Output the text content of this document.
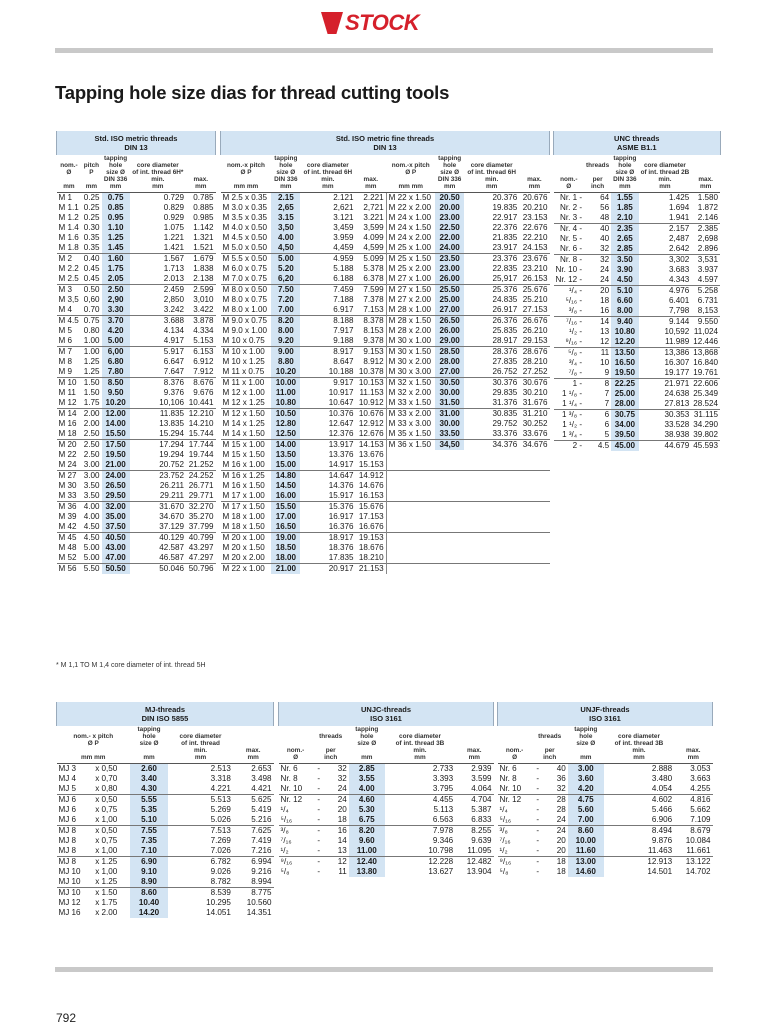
STOCK
Tapping hole size dias for thread cutting tools
Std. ISO metric threads
DIN 13				
nom.-
Ø

mm	pitch
P

mm	tapping
hole
size Ø
DIN 336
mm	core diameter
of int. thread 6H*
min.
mm	max.
mm
M 1	0.25	0.75	0.729	0.785
M 1.1	0.25	0.85	0.829	0.885
M 1.2	0.25	0.95	0.929	0.985
M 1.4	0.30	1.10	1.075	1.142
M 1.6	0.35	1.25	1.221	1.321
M 1.8	0.35	1.45	1.421	1.521
M 2	0.40	1.60	1.567	1.679
M 2.2	0.45	1.75	1.713	1.838
M 2.5	0.45	2.05	2.013	2.138
M 3	0.50	2.50	2.459	2.599
M 3,5	0,60	2,90	2,850	3,010
M 4	0.70	3.30	3.242	3.422
M 4.5	0.75	3.70	3.688	3.878
M 5	0.80	4.20	4.134	4.334
M 6	1.00	5.00	4.917	5.153
M 7	1.00	6,00	5.917	6.153
M 8	1.25	6.80	6.647	6.912
M 9	1.25	7.80	7.647	7.912
M 10	1.50	8.50	8.376	8.676
M 11	1.50	9.50	9.376	9.676
M 12	1.75	10.20	10,106	10.441
M 14	2.00	12.00	11.835	12.210
M 16	2.00	14.00	13.835	14.210
M 18	2.50	15.50	15.294	15.744
M 20	2.50	17.50	17.294	17.744
M 22	2.50	19.50	19.294	19.744
M 24	3.00	21.00	20.752	21.252
M 27	3.00	24.00	23.752	24.252
M 30	3.50	26.50	26.211	26.771
M 33	3.50	29.50	29.211	29.771
M 36	4.00	32.00	31.670	32.270
M 39	4.00	35.00	34.670	35.270
M 42	4.50	37.50	37.129	37.799
M 45	4.50	40.50	40.129	40.799
M 48	5.00	43.00	42.587	43.297
M 52	5.00	47.00	46.587	47.297
M 56	5.50	50.50	50.046	50.796
Std. ISO metric fine threads
DIN 13							
nom.-x pitch
Ø P

mm mm	tapping
hole
size Ø
DIN 336
mm	core diameter
of int. thread 6H
min.
mm	max.
mm	nom.-x pitch
Ø P

mm mm	tapping
hole
size Ø
DIN 336
mm	core diameter
of int. thread 6H
min.
mm	max.
mm
M 2.5 x 0.35	2.15	2.121	2.221	M 22 x 1.50	20.50	20.376	20.676
M 3.0 x 0.35	2,65	2,621	2,721	M 22 x 2.00	20.00	19.835	20.210
M 3.5 x 0.35	3.15	3.121	3.221	M 24 x 1.00	23.00	22.917	23.153
M 4.0 x 0.50	3,50	3,459	3,599	M 24 x 1.50	22.50	22.376	22.676
M 4.5 x 0.50	4.00	3.959	4.099	M 24 x 2.00	22.00	21.835	22.210
M 5.0 x 0.50	4,50	4,459	4,599	M 25 x 1.00	24.00	23.917	24.153
M 5.5 x 0.50	5.00	4.959	5.099	M 25 x 1.50	23.50	23.376	23.676
M 6.0 x 0.75	5.20	5.188	5.378	M 25 x 2.00	23.00	22.835	23.210
M 7.0 x 0.75	6,20	6.188	6.378	M 27 x 1.00	26.00	25,917	26.153
M 8.0 x 0.50	7.50	7.459	7.599	M 27 x 1.50	25.50	25.376	25.676
M 8.0 x 0.75	7.20	7.188	7.378	M 27 x 2.00	25.00	24.835	25.210
M 8.0 x 1.00	7.00	6.917	7.153	M 28 x 1.00	27.00	26.917	27.153
M 9.0 x 0.75	8.20	8.188	8.378	M 28 x 1.50	26.50	26.376	26.676
M 9.0 x 1.00	8.00	7.917	8.153	M 28 x 2.00	26.00	25.835	26.210
M 10 x 0.75	9.20	9.188	9.378	M 30 x 1.00	29.00	28.917	29.153
M 10 x 1.00	9.00	8.917	9.153	M 30 x 1.50	28.50	28.376	28.676
M 10 x 1.25	8.80	8.647	8.912	M 30 x 2.00	28.00	27.835	28.210
M 11 x 0.75	10.20	10.188	10.378	M 30 x 3.00	27.00	26.752	27.252
M 11 x 1.00	10.00	9.917	10.153	M 32 x 1.50	30.50	30.376	30.676
M 12 x 1.00	11.00	10.917	11.153	M 32 x 2.00	30.00	29.835	30.210
M 12 x 1.25	10.80	10.647	10.912	M 33 x 1.50	31.50	31.376	31.676
M 12 x 1.50	10.50	10.376	10.676	M 33 x 2.00	31.00	30.835	31.210
M 14 x 1.25	12.80	12.647	12.912	M 33 x 3.00	30.00	29.752	30.252
M 14 x 1.50	12.50	12.376	12.676	M 35 x 1.50	33.50	33.376	33.676
M 15 x 1.00	14.00	13.917	14.153	M 36 x 1.50	34,50	34.376	34.676
M 15 x 1.50	13.50	13.376	13.676				
M 16 x 1.00	15.00	14.917	15.153				
M 16 x 1.25	14.80	14.647	14.912				
M 16 x 1.50	14.50	14.376	14.676				
M 17 x 1.00	16.00	15.917	16.153				
M 17 x 1.50	15.50	15.376	15.676				
M 18 x 1.00	17.00	16.917	17.153				
M 18 x 1.50	16.50	16.376	16.676				
M 20 x 1.00	19.00	18.917	19.153				
M 20 x 1.50	18.50	18.376	18.676				
M 20 x 2.00	18.00	17.835	18.210				
M 22 x 1.00	21.00	20.917	21.153				
UNC threads
ASME B1.1				
nom.-
Ø	threads

per
inch	tapping
hole
size Ø
DIN 336
mm	core diameter
of int. thread 2B
min.
mm	max.
mm
Nr. 1 -	64	1.55	1.425	1.580
Nr. 2 -	56	1.85	1.694	1.872
Nr. 3 -	48	2.10	1.941	2.146
Nr. 4 -	40	2.35	2.157	2.385
Nr. 5 -	40	2.65	2,487	2,698
Nr. 6 -	32	2.85	2.642	2.896
Nr. 8 -	32	3.50	3,302	3,531
Nr. 10 -	24	3.90	3.683	3.937
Nr. 12 -	24	4.50	4.343	4.597
¹/₄ -	20	5.10	4.976	5.258
⁵/₁₆ -	18	6.60	6.401	6.731
³/₈ -	16	8.00	7,798	8,153
⁷/₁₆ -	14	9.40	9.144	9.550
¹/₂ -	13	10.80	10,592	11,024
⁹/₁₆ -	12	12.20	11.989	12.446
⁵/₈ -	11	13.50	13,386	13,868
³/₄ -	10	16.50	16.307	16.840
⁷/₈ -	9	19.50	19.177	19.761
1 -	8	22.25	21.971	22.606
1 ¹/₈ -	7	25.00	24.638	25.349
1 ¹/₄ -	7	28.00	27.813	28.524
1 ³/₈ -	6	30.75	30.353	31.115
1 ¹/₂ -	6	34.00	33.528	34.290
1 ³/₄ -	5	39.50	38.938	39.802
2 -	4.5	45.00	44.679	45.593
* M 1,1 TO M 1,4 core diameter of int. thread 5H
MJ-threads
DIN ISO 5855				
nom.- x pitch
Ø P

mm mm		tapping
hole
size Ø

mm	core diameter
of int. thread
min.
mm	max.
mm
MJ 3	x 0,50	2.60	2.513	2.653
MJ 4	x 0,70	3.40	3.318	3.498
MJ 5	x 0,80	4.30	4.221	4.421
MJ 6	x 0,50	5.55	5.513	5.625
MJ 6	x 0,75	5.35	5.269	5.419
MJ 6	x 1,00	5.10	5.026	5.216
MJ 8	x 0,50	7.55	7.513	7.625
MJ 8	x 0,75	7.35	7.269	7.419
MJ 8	x 1,00	7.10	7.026	7.216
MJ 8	x 1.25	6.90	6.782	6.994
MJ 10	x 1,00	9.10	9.026	9.216
MJ 10	x 1.25	8.90	8.782	8.994
MJ 10	x 1.50	8.60	8.539	8.775
MJ 12	x 1.75	10.40	10.295	10.560
MJ 16	x 2.00	14.20	14.051	14.351
UNJC-threads
ISO 3161					
nom.-
Ø	threads

per
inch		tapping
hole
size Ø

mm	core diameter
of int. thread 3B
min.
mm	max.
mm
Nr. 6	-	32	2.85	2.733	2.939
Nr. 8	-	32	3.55	3.393	3.599
Nr. 10	-	24	4.00	3.795	4.064
Nr. 12	-	24	4.60	4.455	4.704
¹/₄	-	20	5.30	5.113	5.387
⁵/₁₆	-	18	6.75	6.563	6.833
³/₈	-	16	8.20	7.978	8.255
⁷/₁₆	-	14	9.60	9.346	9.639
¹/₂	-	13	11.00	10.798	11.095
⁹/₁₆	-	12	12.40	12.228	12.482
⁵/₈	-	11	13.80	13.627	13.904
UNJF-threads
ISO 3161					
nom.-
Ø	threads

per
inch		tapping
hole
size Ø

mm	core diameter
of int. thread 3B
min.
mm	max.
mm
Nr. 6	-	40	3.00	2.888	3.053
Nr. 8	-	36	3.60	3.480	3.663
Nr. 10	-	32	4.20	4.054	4.255
Nr. 12	-	28	4.75	4.602	4.816
¹/₄	-	28	5.60	5.466	5.662
⁵/₁₆	-	24	7.00	6.906	7.109
³/₈	-	24	8.60	8.494	8.679
⁷/₁₆	-	20	10.00	9.876	10.084
¹/₂	-	20	11.60	11.463	11.661
⁹/₁₆	-	18	13.00	12.913	13.122
⁵/₈	-	18	14.60	14.501	14.702
792
